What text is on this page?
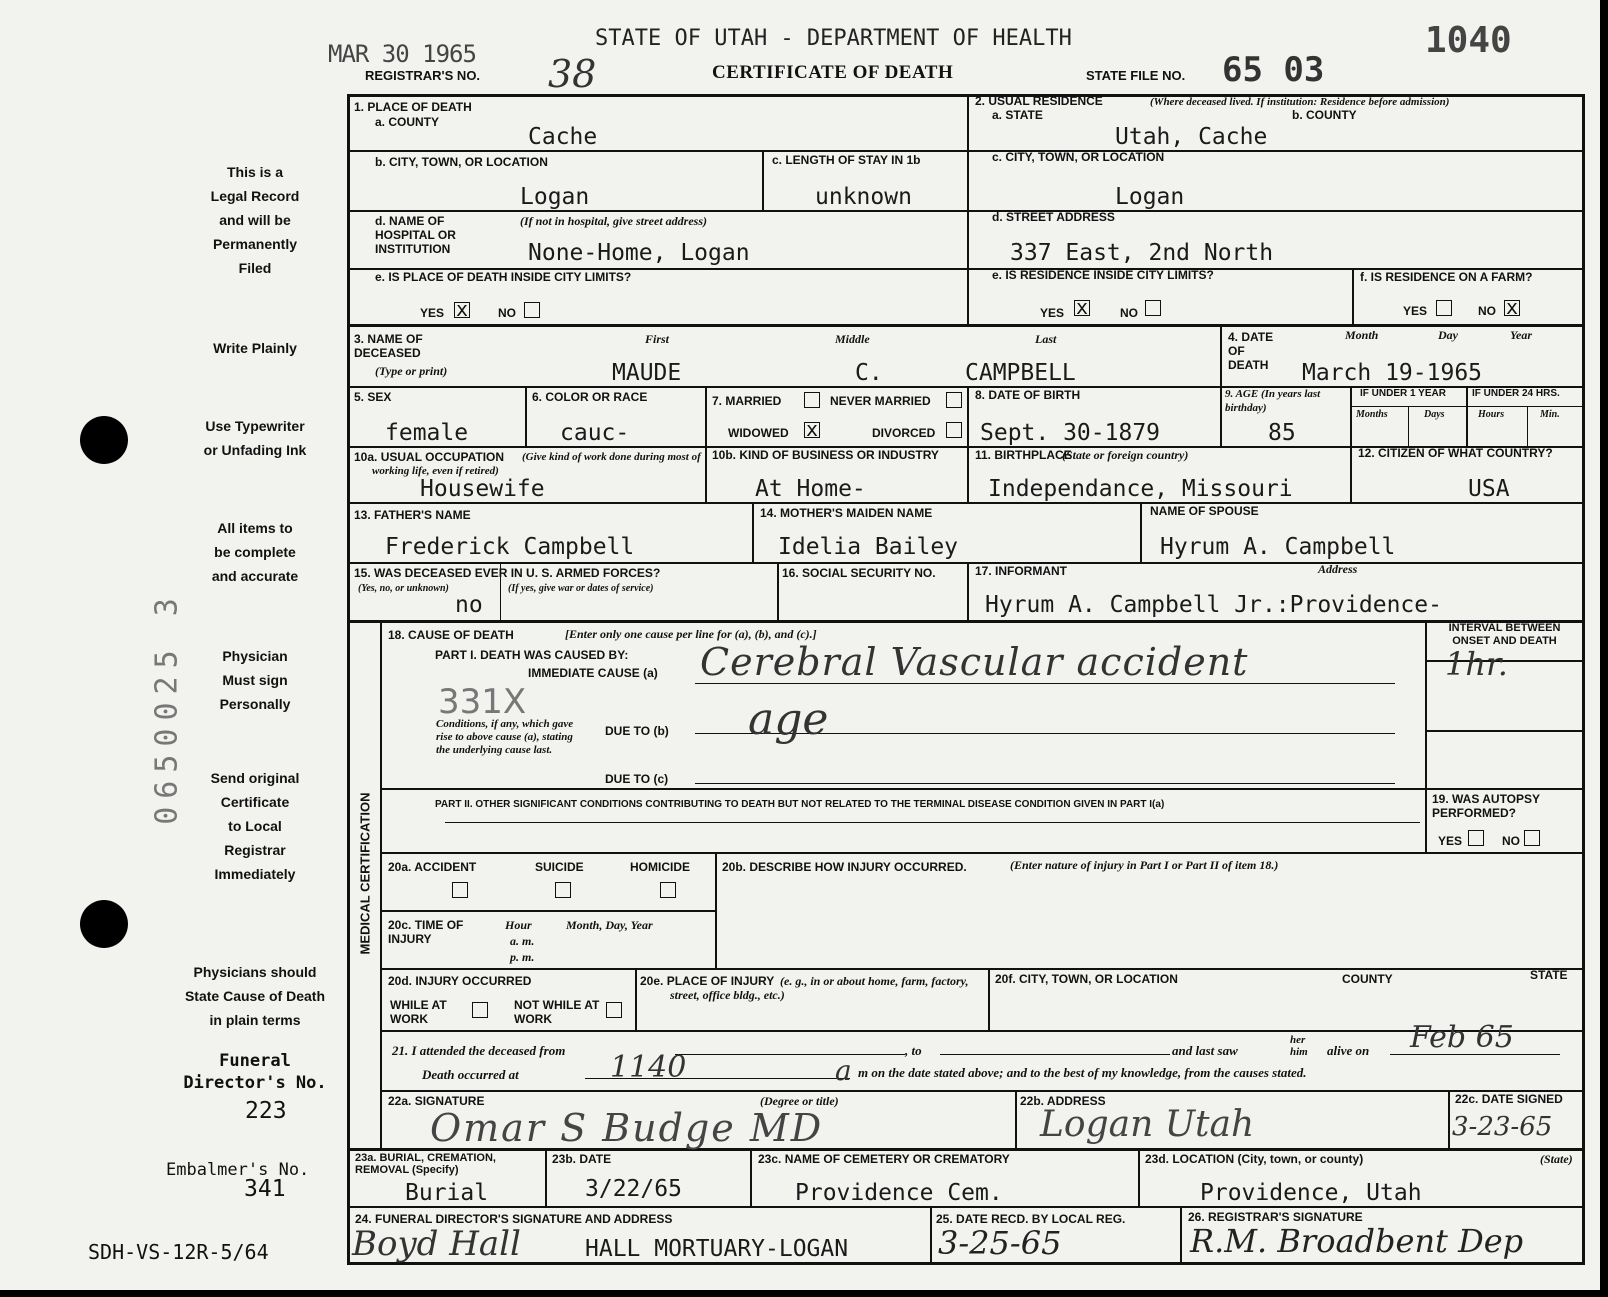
MAR 30 1965
STATE OF UTAH - DEPARTMENT OF HEALTH
REGISTRAR'S NO. 38	CERTIFICATE OF DEATH	STATE FILE NO. 65 03
1040
This is a
Legal Record
and will be
Permanently
Filed
Write Plainly
Use Typewriter
or Unfading Ink
All items to
be complete
and accurate
Physician
Must sign
Personally
Send original
Certificate
to Local
Registrar
Immediately
Physicians should
State Cause of Death
in plain terms
Funeral
Director's No.
223
Embalmer's No.
341
SDH-VS-12R-5/64
0650025 3
1. PLACE OF DEATH
a. COUNTY
Cache
2. USUAL RESIDENCE	(Where deceased lived. If institution: Residence before admission)
a. STATE	b. COUNTY
Utah, Cache
b. CITY, TOWN, OR LOCATION
Logan
c. LENGTH OF STAY IN 1b
unknown
c. CITY, TOWN, OR LOCATION
Logan
d. NAME OF HOSPITAL OR INSTITUTION
(If not in hospital, give street address)
None-Home, Logan
d. STREET ADDRESS
337 East, 2nd North
e. IS PLACE OF DEATH INSIDE CITY LIMITS?
YES x NO
e. IS RESIDENCE INSIDE CITY LIMITS?
YES x	NO
f. IS RESIDENCE ON A FARM?
YES	NO x
3. NAME OF DECEASED
(Type or print)
First	Middle	Last
MAUDE	C.	CAMPBELL
4. DATE OF DEATH
Month	Day	Year
March 19-1965
5. SEX
female
6. COLOR OR RACE
cauc-
7. MARRIED	NEVER MARRIED
WIDOWED x	DIVORCED
8. DATE OF BIRTH
Sept. 30-1879
9. AGE (In years last birthday)
85
IF UNDER 1 YEAR	IF UNDER 24 HRS.
Months	Days	Hours	Min.
10a. USUAL OCCUPATION	(Give kind of work done during most of working life, even if retired)
Housewife
10b. KIND OF BUSINESS OR INDUSTRY
At Home-
11. BIRTHPLACE
(State or foreign country)
Independance, Missouri
12. CITIZEN OF WHAT COUNTRY?
USA
13. FATHER'S NAME
Frederick Campbell
14. MOTHER'S MAIDEN NAME
Idelia Bailey
NAME OF SPOUSE
Hyrum A. Campbell
15. WAS DECEASED EVER IN U. S. ARMED FORCES?
(Yes, no, or unknown)	(If yes, give war or dates of service)
no
16. SOCIAL SECURITY NO.	17. INFORMANT	Address
Hyrum A. Campbell Jr.:Providence-
MEDICAL CERTIFICATION
18. CAUSE OF DEATH	[Enter only one cause per line for (a), (b), and (c).]
PART I. DEATH WAS CAUSED BY:
IMMEDIATE CAUSE (a) Cerebral Vascular accident
331X
Conditions, if any, which gave rise to above cause (a), stating the underlying cause last.
DUE TO (b) age
DUE TO (c)
INTERVAL BETWEEN ONSET AND DEATH
1hr.
PART II. OTHER SIGNIFICANT CONDITIONS CONTRIBUTING TO DEATH BUT NOT RELATED TO THE TERMINAL DISEASE CONDITION GIVEN IN PART I(a)	19. WAS AUTOPSY PERFORMED?
YES	NO
20a. ACCIDENT	SUICIDE	HOMICIDE	20b. DESCRIBE HOW INJURY OCCURRED.	(Enter nature of injury in Part I or Part II of item 18.)
20c. TIME OF INJURY
Hour
a. m.
p. m.
Month, Day, Year
20d. INJURY OCCURRED
WHILE AT WORK
NOT WHILE AT WORK
20e. PLACE OF INJURY (e. g., in or about home, farm, factory, street, office bldg., etc.)
20f. CITY, TOWN, OR LOCATION	COUNTY	STATE
21. I attended the deceased from	, to	and last saw
her him	alive on Feb 65
Death occurred at	1140	a m on the date stated above; and to the best of my knowledge, from the causes stated.
22a. SIGNATURE	(Degree or title)
Omar S Budge MD
22b. ADDRESS
Logan Utah
22c. DATE SIGNED
3-23-65
23a. BURIAL, CREMATION, REMOVAL (Specify)
Burial
23b. DATE
3/22/65
23c. NAME OF CEMETERY OR CREMATORY
Providence Cem.
23d. LOCATION (City, town, or county)	(State)
Providence, Utah
24. FUNERAL DIRECTOR'S SIGNATURE AND ADDRESS
Boyd Hall	HALL MORTUARY-LOGAN
25. DATE RECD. BY LOCAL REG.
3-25-65
26. REGISTRAR'S SIGNATURE
R.M. Broadbent Dep
